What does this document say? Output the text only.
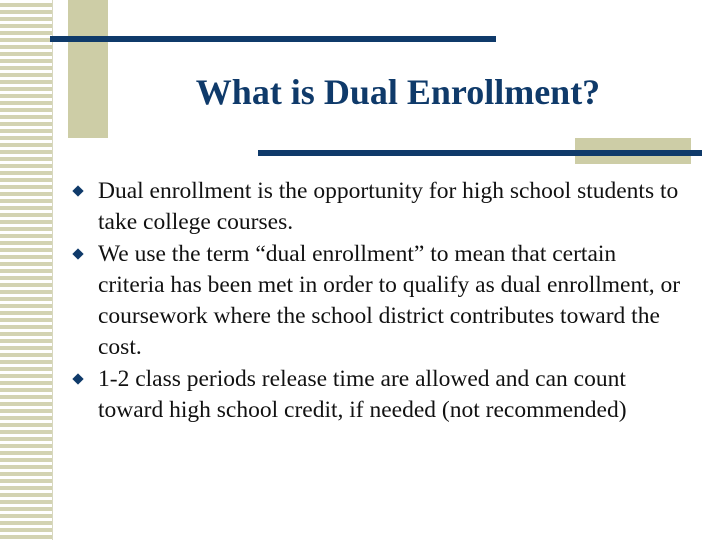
What is Dual Enrollment?
Dual enrollment is the opportunity for high school students to take college courses.
We use the term “dual enrollment” to mean that certain criteria has been met in order to qualify as dual enrollment, or coursework where the school district contributes toward the cost.
1-2 class periods release time are allowed and can count toward high school credit, if needed (not recommended)
